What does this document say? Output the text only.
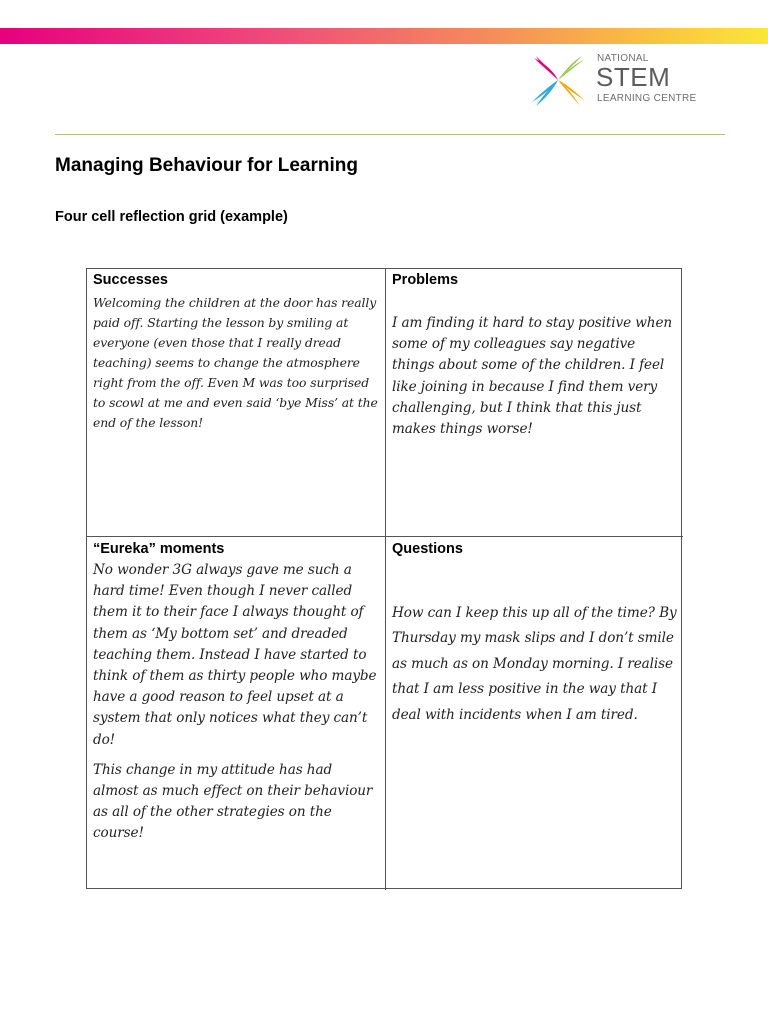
NATIONAL
STEM
LEARNING CENTRE
Managing Behaviour for Learning
Four cell reflection grid (example)

Successes

Welcoming the children at the door has really paid off. Starting the lesson by smiling at everyone (even those that I really dread teaching) seems to change the atmosphere right from the off. Even M was too surprised to scowl at me and even said ‘bye Miss’ at the end of the lesson!

Problems

I am finding it hard to stay positive when some of my colleagues say negative things about some of the children. I feel like joining in because I find them very challenging, but I think that this just makes things worse!

“Eureka” moments

No wonder 3G always gave me such a hard time! Even though I never called them it to their face I always thought of them as ‘My bottom set’ and dreaded teaching them. Instead I have started to think of them as thirty people who maybe have a good reason to feel upset at a system that only notices what they can’t do!

This change in my attitude has had almost as much effect on their behaviour as all of the other strategies on the course!

Questions

How can I keep this up all of the time? By Thursday my mask slips and I don’t smile as much as on Monday morning. I realise that I am less positive in the way that I deal with incidents when I am tired.
